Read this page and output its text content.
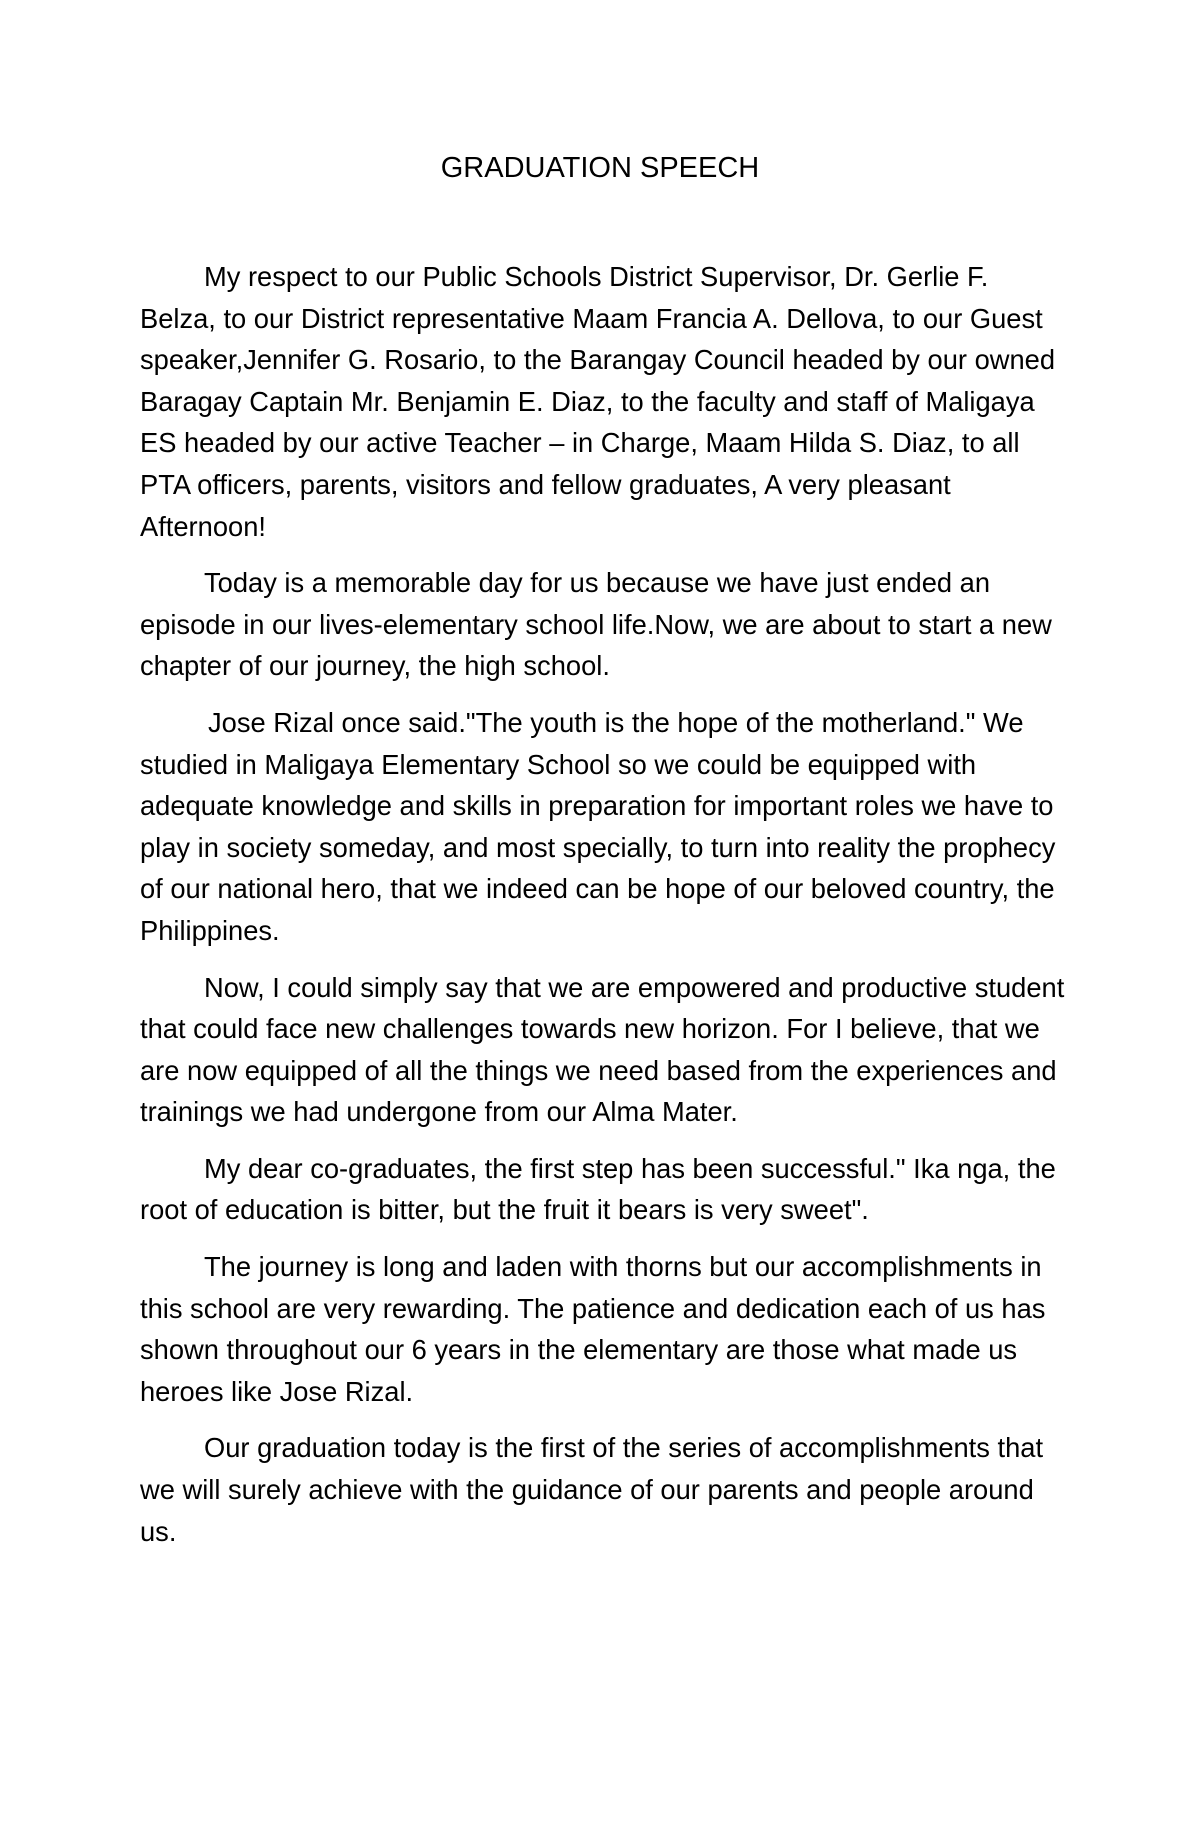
GRADUATION SPEECH

My respect to our Public Schools District Supervisor, Dr. Gerlie F. Belza, to our District representative Maam Francia A. Dellova, to our Guest speaker,Jennifer G. Rosario, to the Barangay Council headed by our owned Baragay Captain Mr. Benjamin E. Diaz, to the faculty and staff of Maligaya ES headed by our active Teacher – in Charge, Maam Hilda S. Diaz, to all PTA officers, parents, visitors and fellow graduates, A very pleasant Afternoon!

Today is a memorable day for us because we have just ended an episode in our lives-elementary school life.Now, we are about to start a new chapter of our journey, the high school.

Jose Rizal once said."The youth is the hope of the motherland." We studied in Maligaya Elementary School so we could be equipped with adequate knowledge and skills in preparation for important roles we have to play in society someday, and most specially, to turn into reality the prophecy of our national hero, that we indeed can be hope of our beloved country, the Philippines.

Now, I could simply say that we are empowered and productive student that could face new challenges towards new horizon. For I believe, that we are now equipped of all the things we need based from the experiences and trainings we had undergone from our Alma Mater.

My dear co-graduates, the first step has been successful." Ika nga, the root of education is bitter, but the fruit it bears is very sweet".

The journey is long and laden with thorns but our accomplishments in this school are very rewarding. The patience and dedication each of us has shown throughout our 6 years in the elementary are those what made us heroes like Jose Rizal.

Our graduation today is the first of the series of accomplishments that we will surely achieve with the guidance of our parents and people around us.
